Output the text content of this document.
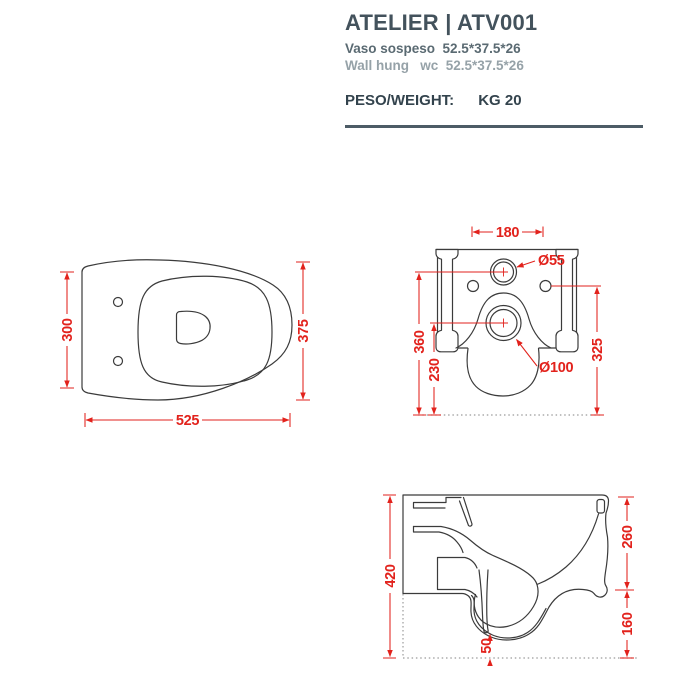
ATELIER | ATV001
Vaso sospeso  52.5*37.5*26
Wall hung   wc  52.5*37.5*26
PESO/WEIGHT: KG 20
300	375
525
180
Ø55
Ø100
360
230
325
420
260
160
50
